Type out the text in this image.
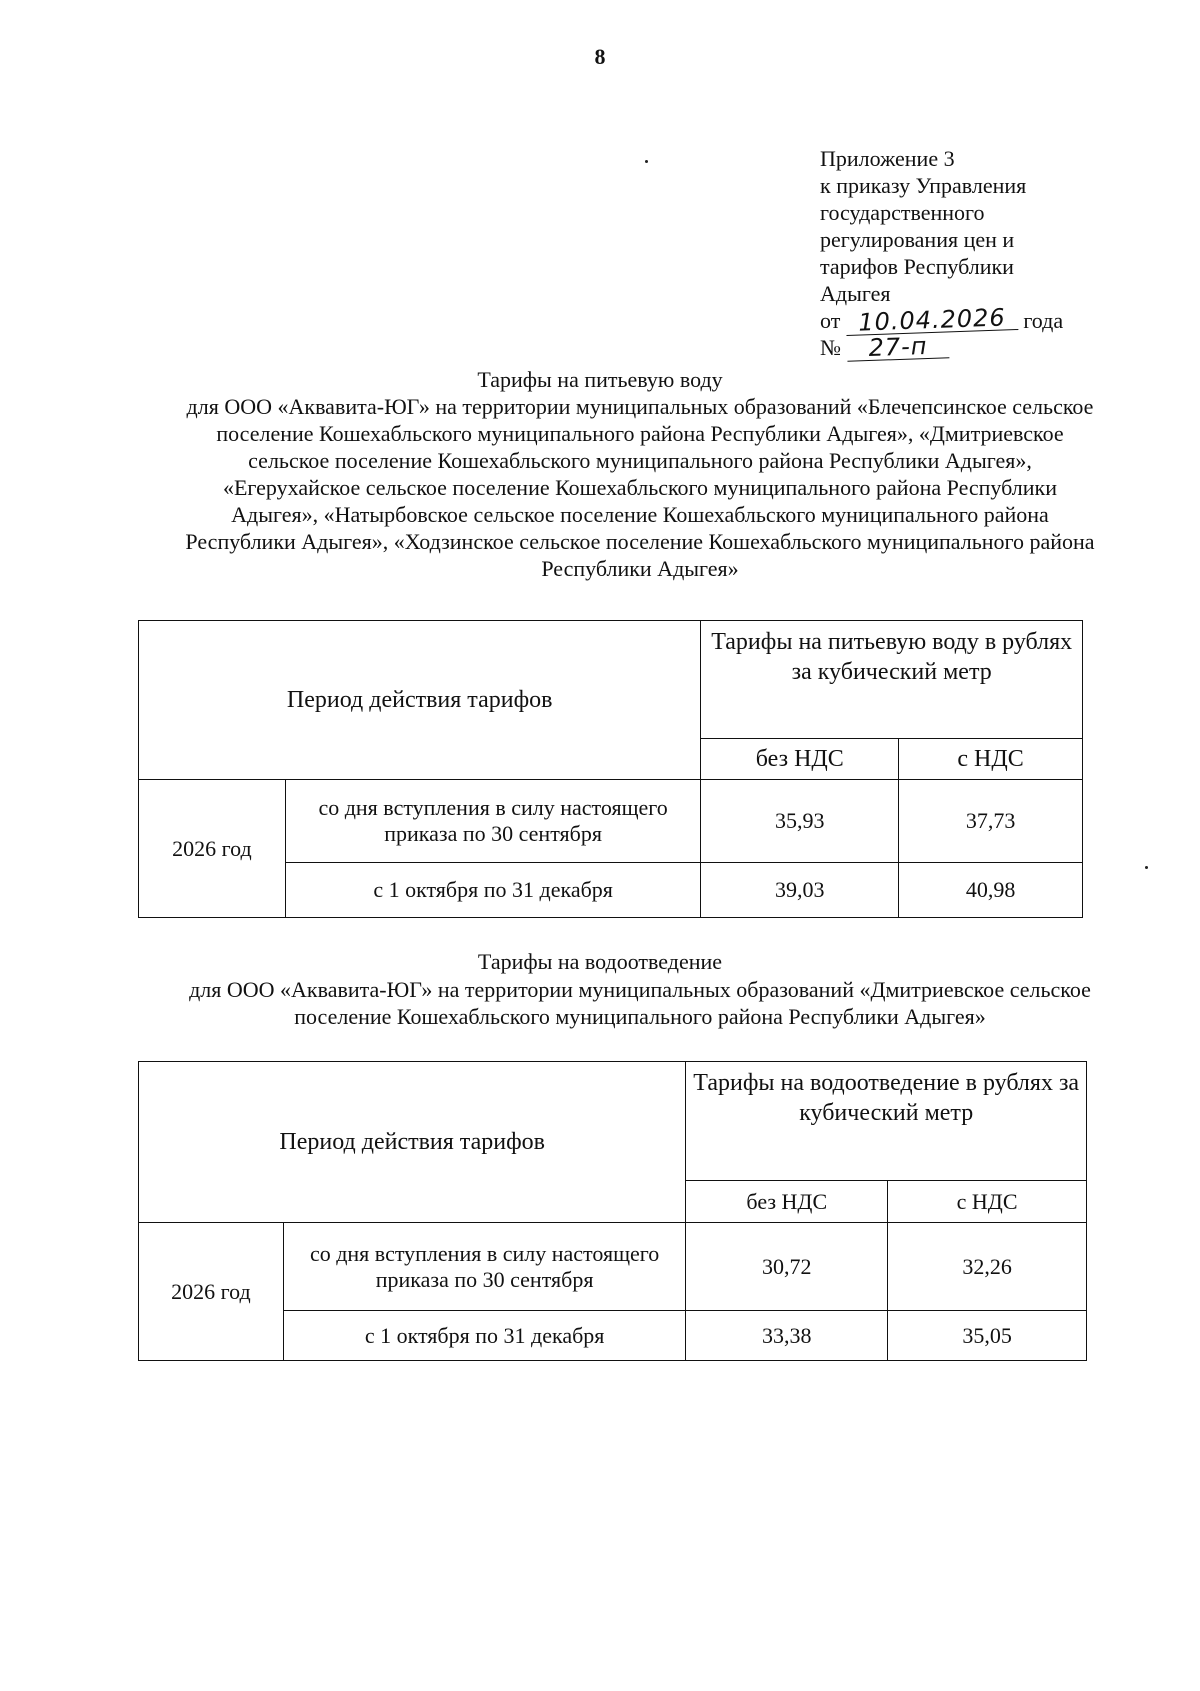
8
Приложение 3
к приказу Управления
государственного
регулирования цен и
тарифов Республики
Адыгея
от 10.04.2026 года
№ 27-п
Тарифы на питьевую воду
для ООО «Аквавита-ЮГ» на территории муниципальных образований «Блечепсинское сельское поселение Кошехабльского муниципального района Республики Адыгея», «Дмитриевское сельское поселение Кошехабльского муниципального района Республики Адыгея», «Егерухайское сельское поселение Кошехабльского муниципального района Республики Адыгея», «Натырбовское сельское поселение Кошехабльского муниципального района Республики Адыгея», «Ходзинское сельское поселение Кошехабльского муниципального района Республики Адыгея»
Период действия тарифов		Тарифы на питьевую воду в рублях за кубический метр	
		без НДС	с НДС
2026 год	со дня вступления в силу настоящего приказа по 30 сентября	35,93	37,73
	с 1 октября по 31 декабря	39,03	40,98
Тарифы на водоотведение
для ООО «Аквавита-ЮГ» на территории муниципальных образований «Дмитриевское сельское поселение Кошехабльского муниципального района Республики Адыгея»
Период действия тарифов		Тарифы на водоотведение в рублях за кубический метр	
		без НДС	с НДС
2026 год	со дня вступления в силу настоящего приказа по 30 сентября	30,72	32,26
	с 1 октября по 31 декабря	33,38	35,05
